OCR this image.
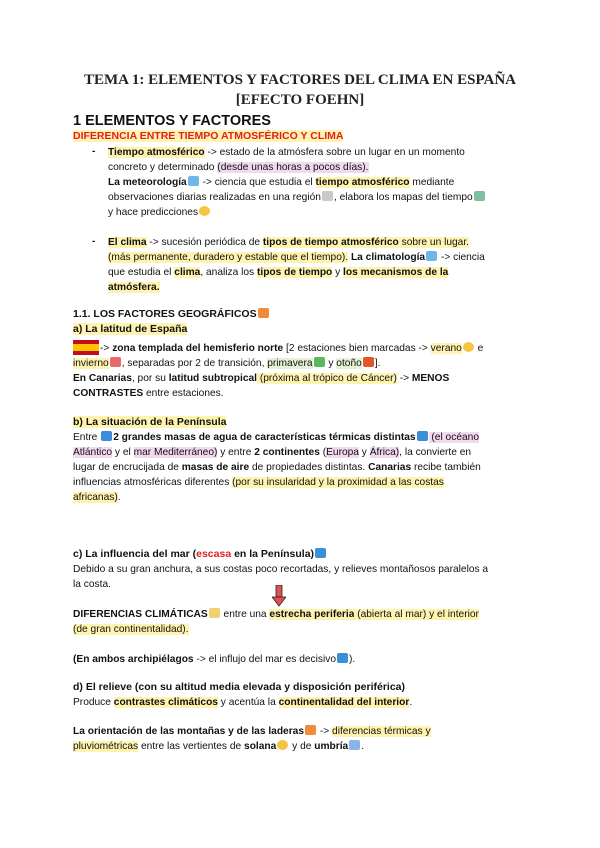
TEMA 1: ELEMENTOS Y FACTORES DEL CLIMA EN ESPAÑA
[EFECTO FOEHN]
1 ELEMENTOS Y FACTORES
DIFERENCIA ENTRE TIEMPO ATMOSFÉRICO Y CLIMA
- Tiempo atmosférico -> estado de la atmósfera sobre un lugar en un momento
concreto y determinado (desde unas horas a pocos días).
La meteorología -> ciencia que estudia el tiempo atmosférico mediante
observaciones diarias realizadas en una región , elabora los mapas del tiempo
y hace predicciones
- El clima -> sucesión periódica de tipos de tiempo atmosférico sobre un lugar.
(más permanente, duradero y estable que el tiempo). La climatología -> ciencia
que estudia el clima, analiza los tipos de tiempo y los mecanismos de la
atmósfera.
1.1. LOS FACTORES GEOGRÁFICOS
a) La latitud de España
-> zona templada del hemisferio norte [2 estaciones bien marcadas -> verano e
invierno , separadas por 2 de transición, primavera y otoño ].
En Canarias, por su latitud subtropical (próxima al trópico de Cáncer) -> MENOS
CONTRASTES entre estaciones.
b) La situación de la Península
Entre 2 grandes masas de agua de características térmicas distintas (el océano
Atlántico y el mar Mediterráneo) y entre 2 continentes (Europa y África), la convierte en
lugar de encrucijada de masas de aire de propiedades distintas. Canarias recibe también
influencias atmosféricas diferentes (por su insularidad y la proximidad a las costas
africanas).
c) La influencia del mar (escasa en la Península)
Debido a su gran anchura, a sus costas poco recortadas, y relieves montañosos paralelos a
la costa.
DIFERENCIAS CLIMÁTICAS entre una estrecha periferia (abierta al mar) y el interior
(de gran continentalidad).
(En ambos archipiélagos -> el influjo del mar es decisivo ).
d) El relieve (con su altitud media elevada y disposición periférica)
Produce contrastes climáticos y acentúa la continentalidad del interior.
La orientación de las montañas y de las laderas -> diferencias térmicas y
pluviométricas entre las vertientes de solana y de umbría .
